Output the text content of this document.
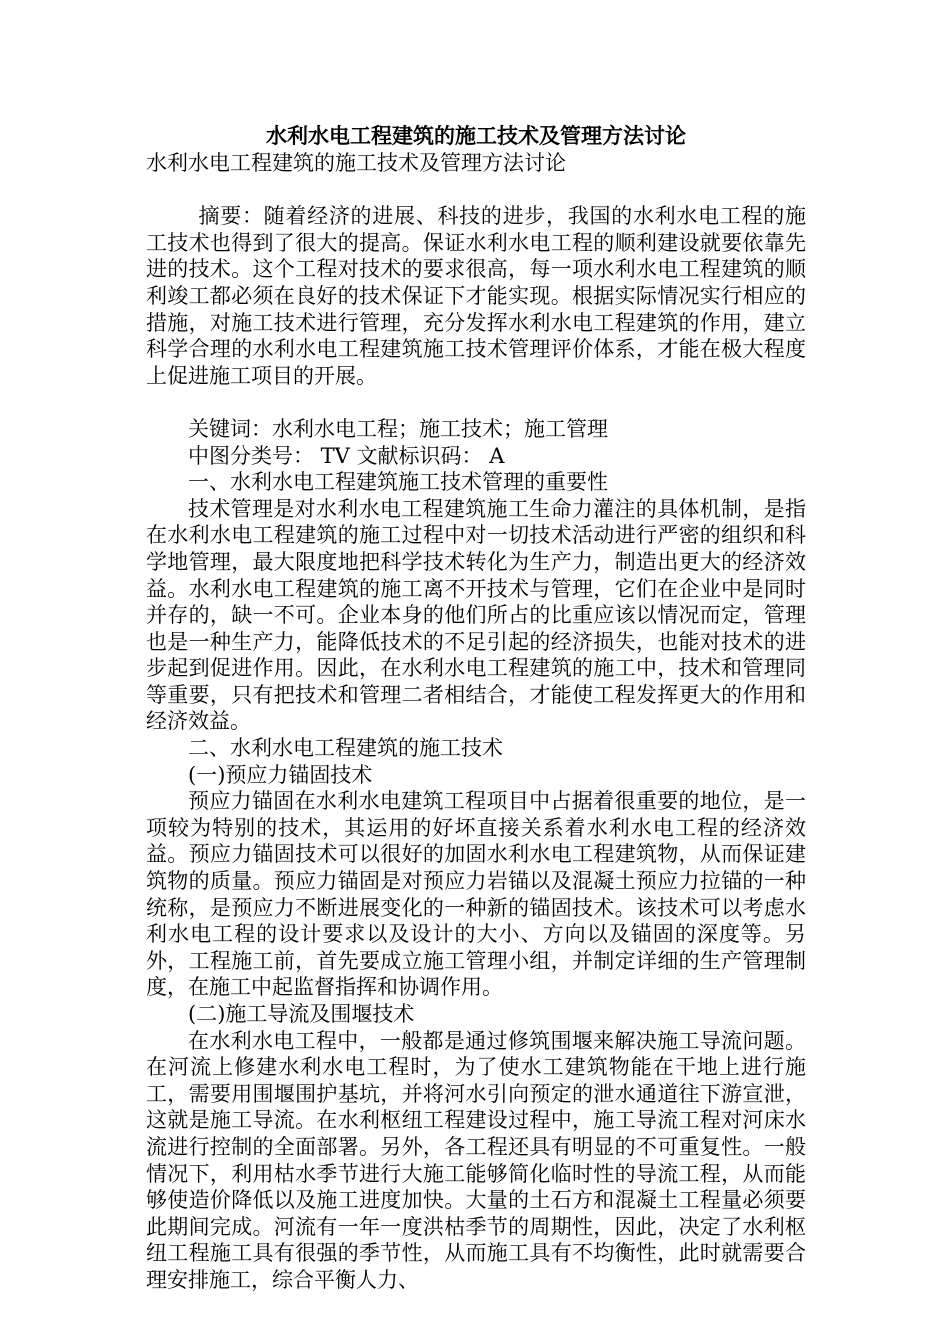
水利水电工程建筑的施工技术及管理方法讨论

水利水电工程建筑的施工技术及管理方法讨论

摘要：随着经济的进展、科技的进步，我国的水利水电工程的施工技术也得到了很大的提高。保证水利水电工程的顺利建设就要依靠先进的技术。这个工程对技术的要求很高，每一项水利水电工程建筑的顺利竣工都必须在良好的技术保证下才能实现。根据实际情况实行相应的措施，对施工技术进行管理，充分发挥水利水电工程建筑的作用，建立科学合理的水利水电工程建筑施工技术管理评价体系，才能在极大程度上促进施工项目的开展。

关键词：水利水电工程；施工技术；施工管理

中图分类号： TV 文献标识码： A

一、水利水电工程建筑施工技术管理的重要性

技术管理是对水利水电工程建筑施工生命力灌注的具体机制，是指在水利水电工程建筑的施工过程中对一切技术活动进行严密的组织和科学地管理，最大限度地把科学技术转化为生产力，制造出更大的经济效益。水利水电工程建筑的施工离不开技术与管理，它们在企业中是同时并存的，缺一不可。企业本身的他们所占的比重应该以情况而定，管理也是一种生产力，能降低技术的不足引起的经济损失，也能对技术的进步起到促进作用。因此，在水利水电工程建筑的施工中，技术和管理同等重要，只有把技术和管理二者相结合，才能使工程发挥更大的作用和经济效益。

二、水利水电工程建筑的施工技术

(一)预应力锚固技术

预应力锚固在水利水电建筑工程项目中占据着很重要的地位，是一项较为特别的技术，其运用的好坏直接关系着水利水电工程的经济效益。预应力锚固技术可以很好的加固水利水电工程建筑物，从而保证建筑物的质量。预应力锚固是对预应力岩锚以及混凝土预应力拉锚的一种统称，是预应力不断进展变化的一种新的锚固技术。该技术可以考虑水利水电工程的设计要求以及设计的大小、方向以及锚固的深度等。另外，工程施工前，首先要成立施工管理小组，并制定详细的生产管理制度，在施工中起监督指挥和协调作用。

(二)施工导流及围堰技术

在水利水电工程中，一般都是通过修筑围堰来解决施工导流问题。在河流上修建水利水电工程时，为了使水工建筑物能在干地上进行施工，需要用围堰围护基坑，并将河水引向预定的泄水通道往下游宣泄，这就是施工导流。在水利枢纽工程建设过程中，施工导流工程对河床水流进行控制的全面部署。另外，各工程还具有明显的不可重复性。一般情况下，利用枯水季节进行大施工能够简化临时性的导流工程，从而能够使造价降低以及施工进度加快。大量的土石方和混凝土工程量必须要此期间完成。河流有一年一度洪枯季节的周期性，因此，决定了水利枢纽工程施工具有很强的季节性，从而施工具有不均衡性，此时就需要合理安排施工，综合平衡人力、
